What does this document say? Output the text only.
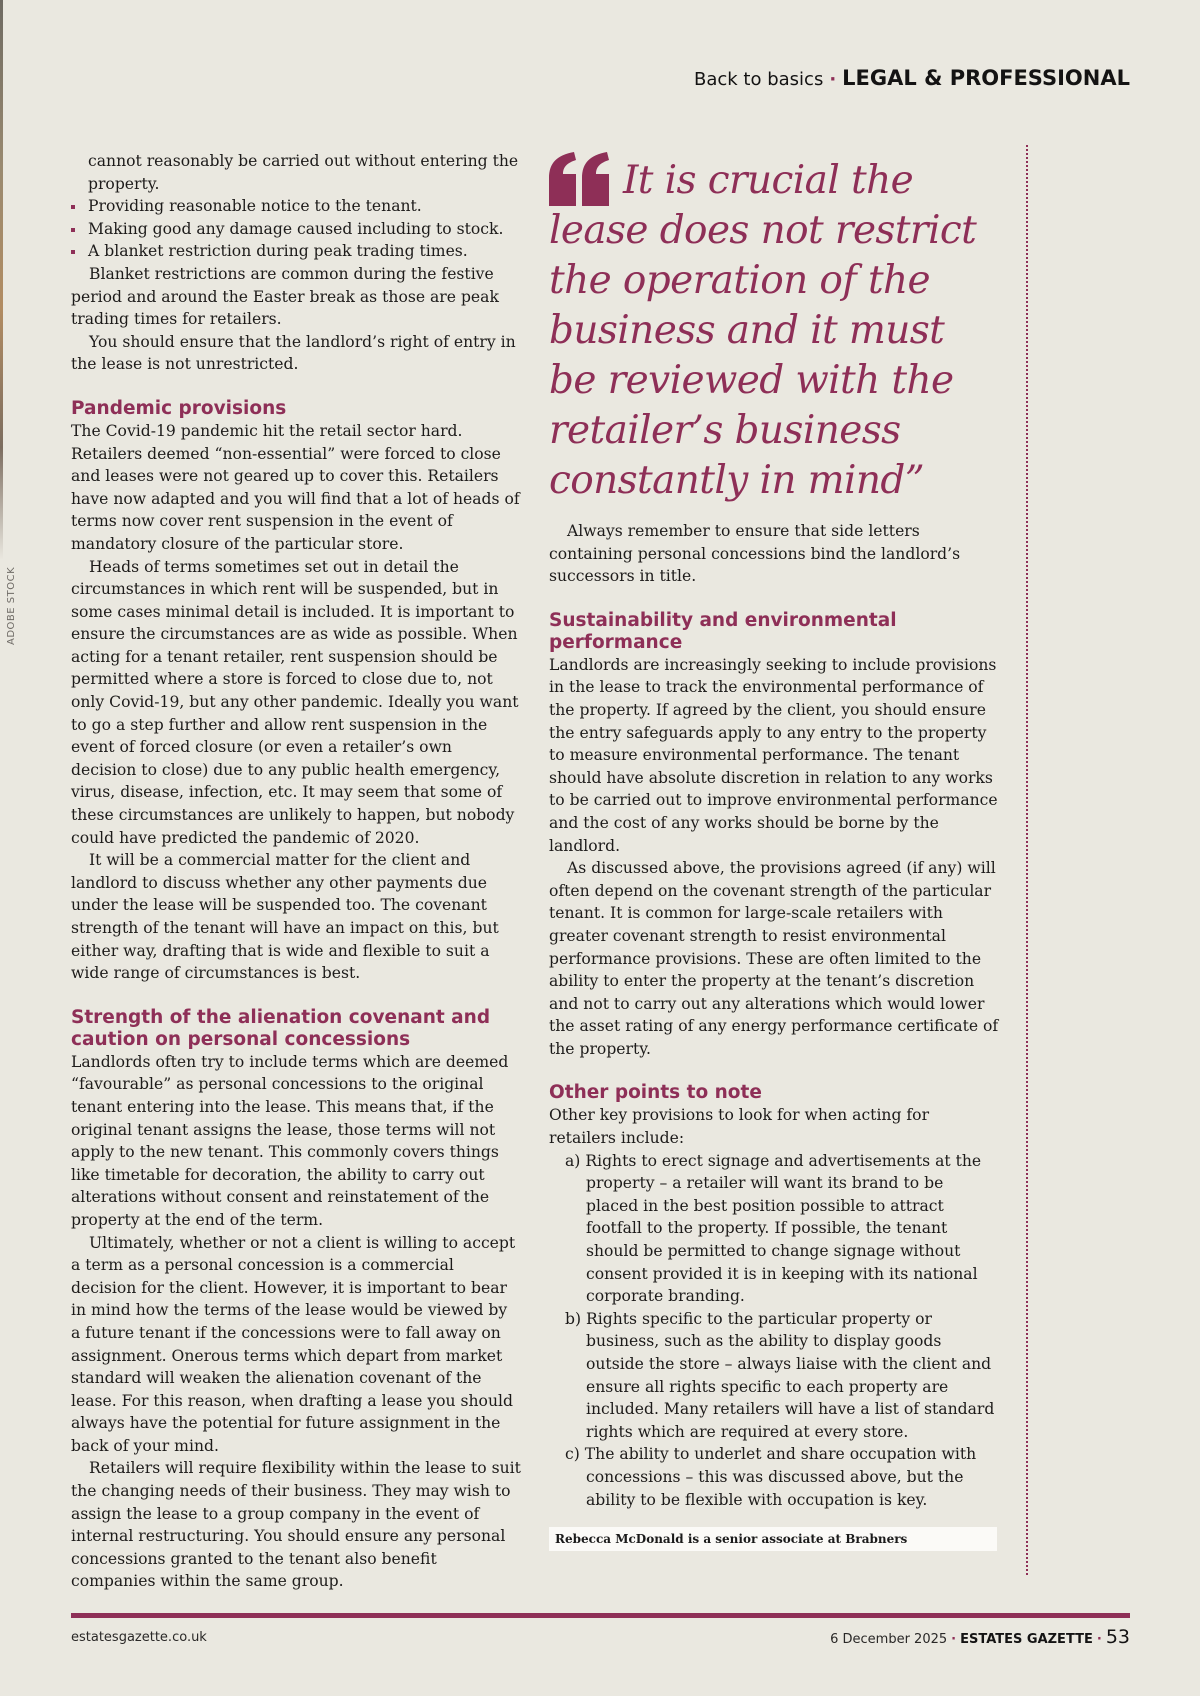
ADOBE STOCK
Back to basics · LEGAL & PROFESSIONAL

cannot reasonably be carried out without entering the property.

Providing reasonable notice to the tenant.
Making good any damage caused including to stock.
A blanket restriction during peak trading times.

Blanket restrictions are common during the festive period and around the Easter break as those are peak trading times for retailers.

You should ensure that the landlord’s right of entry in the lease is not unrestricted.

Pandemic provisions

The Covid-19 pandemic hit the retail sector hard. Retailers deemed “non-essential” were forced to close and leases were not geared up to cover this. Retailers have now adapted and you will find that a lot of heads of terms now cover rent suspension in the event of mandatory closure of the particular store.

Heads of terms sometimes set out in detail the circumstances in which rent will be suspended, but in some cases minimal detail is included. It is important to ensure the circumstances are as wide as possible. When acting for a tenant retailer, rent suspension should be permitted where a store is forced to close due to, not only Covid-19, but any other pandemic. Ideally you want to go a step further and allow rent suspension in the event of forced closure (or even a retailer’s own decision to close) due to any public health emergency, virus, disease, infection, etc. It may seem that some of these circumstances are unlikely to happen, but nobody could have predicted the pandemic of 2020.

It will be a commercial matter for the client and landlord to discuss whether any other payments due under the lease will be suspended too. The covenant strength of the tenant will have an impact on this, but either way, drafting that is wide and flexible to suit a wide range of circumstances is best.

Strength of the alienation covenant and caution on personal concessions

Landlords often try to include terms which are deemed “favourable” as personal concessions to the original tenant entering into the lease. This means that, if the original tenant assigns the lease, those terms will not apply to the new tenant. This commonly covers things like timetable for decoration, the ability to carry out alterations without consent and reinstatement of the property at the end of the term.

Ultimately, whether or not a client is willing to accept a term as a personal concession is a commercial decision for the client. However, it is important to bear in mind how the terms of the lease would be viewed by a future tenant if the concessions were to fall away on assignment. Onerous terms which depart from market standard will weaken the alienation covenant of the lease. For this reason, when drafting a lease you should always have the potential for future assignment in the back of your mind.

Retailers will require flexibility within the lease to suit the changing needs of their business. They may wish to assign the lease to a group company in the event of internal restructuring. You should ensure any personal concessions granted to the tenant also benefit companies within the same group.

It is crucial the lease does not restrict the operation of the business and it must be reviewed with the retailer’s business constantly in mind”

Always remember to ensure that side letters containing personal concessions bind the landlord’s successors in title.

Sustainability and environmental performance

Landlords are increasingly seeking to include provisions in the lease to track the environmental performance of the property. If agreed by the client, you should ensure the entry safeguards apply to any entry to the property to measure environmental performance. The tenant should have absolute discretion in relation to any works to be carried out to improve environmental performance and the cost of any works should be borne by the landlord.

As discussed above, the provisions agreed (if any) will often depend on the covenant strength of the particular tenant. It is common for large-scale retailers with greater covenant strength to resist environmental performance provisions. These are often limited to the ability to enter the property at the tenant’s discretion and not to carry out any alterations which would lower the asset rating of any energy performance certificate of the property.

Other points to note

Other key provisions to look for when acting for retailers include:

a) Rights to erect signage and advertisements at the property – a retailer will want its brand to be placed in the best position possible to attract footfall to the property. If possible, the tenant should be permitted to change signage without consent provided it is in keeping with its national corporate branding.
b) Rights specific to the particular property or business, such as the ability to display goods outside the store – always liaise with the client and ensure all rights specific to each property are included. Many retailers will have a list of standard rights which are required at every store.
c) The ability to underlet and share occupation with concessions – this was discussed above, but the ability to be flexible with occupation is key.
Rebecca McDonald is a senior associate at Brabners
estatesgazette.co.uk	6 December 2025 · ESTATES GAZETTE · 53
